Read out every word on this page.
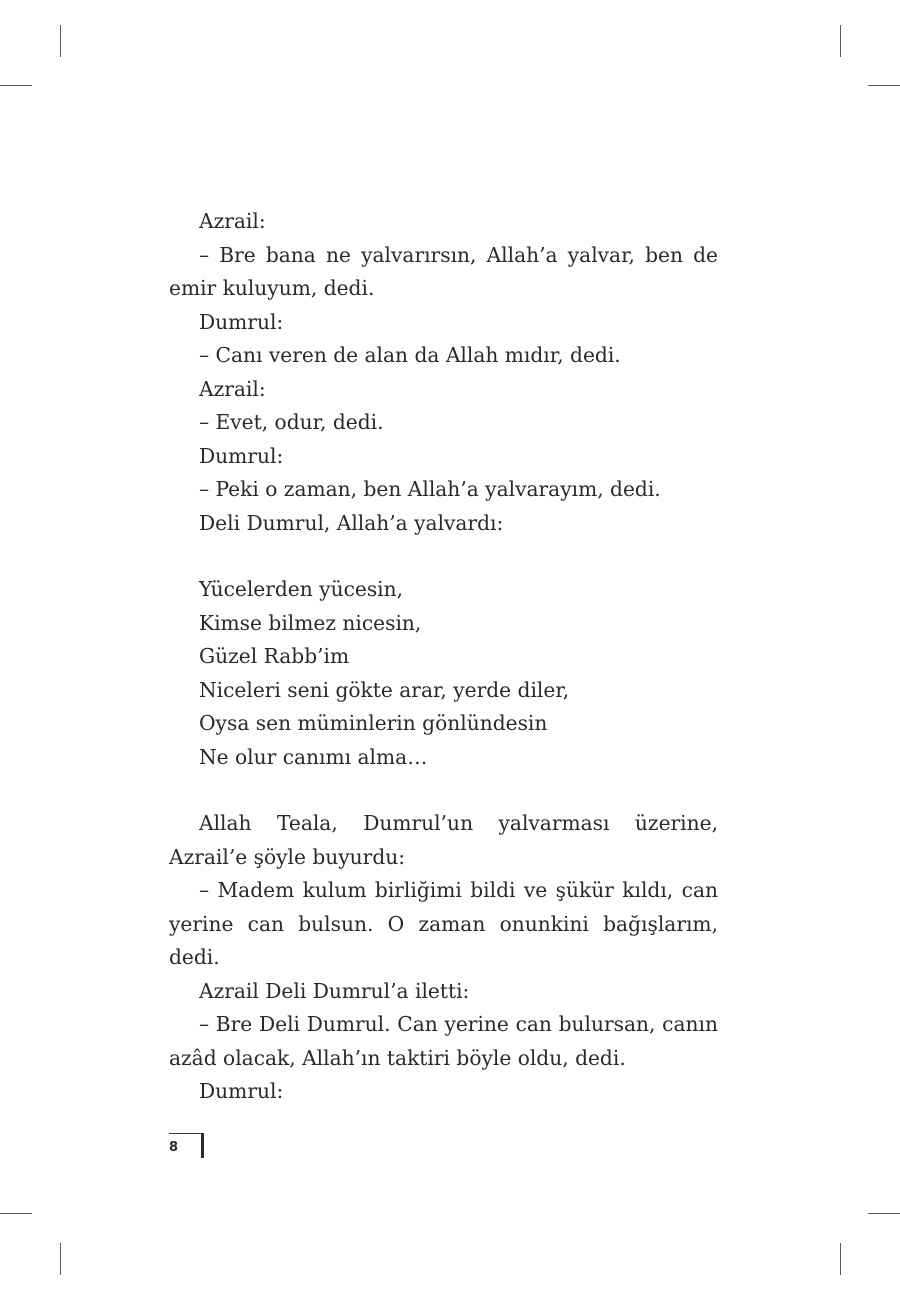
Azrail:

– Bre bana ne yalvarırsın, Allah’a yalvar, ben de emir kuluyum, dedi.

Dumrul:

– Canı veren de alan da Allah mıdır, dedi.

Azrail:

– Evet, odur, dedi.

Dumrul:

– Peki o zaman, ben Allah’a yalvarayım, dedi.

Deli Dumrul, Allah’a yalvardı:

Yücelerden yücesin,

Kimse bilmez nicesin,

Güzel Rabb’im

Niceleri seni gökte arar, yerde diler,

Oysa sen müminlerin gönlündesin

Ne olur canımı alma…

Allah Teala, Dumrul’un yalvarması üzerine, Azrail’e şöyle buyurdu:

– Madem kulum birliğimi bildi ve şükür kıldı, can yerine can bulsun. O zaman onunkini bağışlarım, dedi.

Azrail Deli Dumrul’a iletti:

– Bre Deli Dumrul. Can yerine can bulursan, canın azâd olacak, Allah’ın taktiri böyle oldu, dedi.

Dumrul:

8
